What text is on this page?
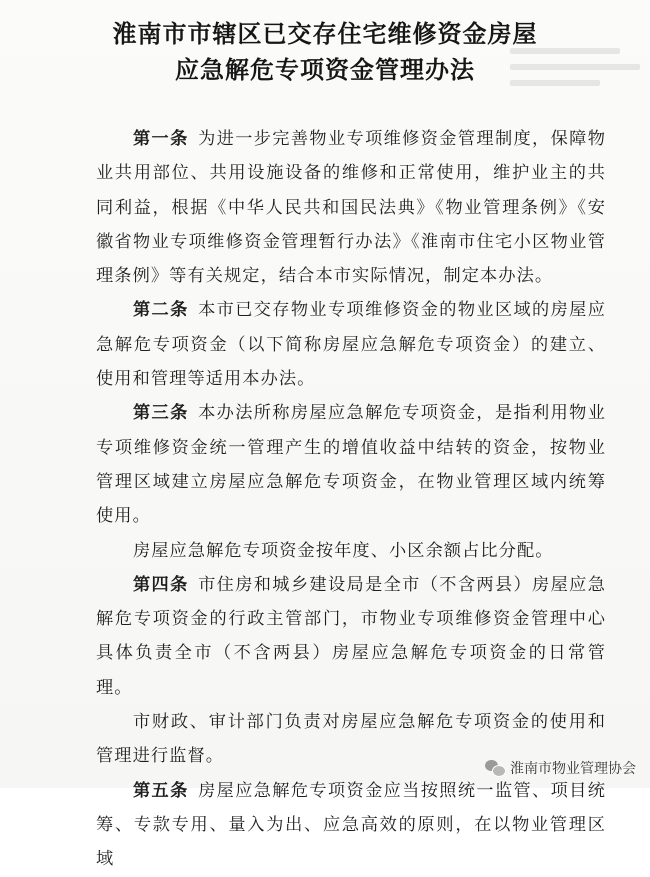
淮南市市辖区已交存住宅维修资金房屋
应急解危专项资金管理办法

第一条 为进一步完善物业专项维修资金管理制度，保障物业共用部位、共用设施设备的维修和正常使用，维护业主的共同利益，根据《中华人民共和国民法典》《物业管理条例》《安徽省物业专项维修资金管理暂行办法》《淮南市住宅小区物业管理条例》等有关规定，结合本市实际情况，制定本办法。

第二条 本市已交存物业专项维修资金的物业区域的房屋应急解危专项资金（以下简称房屋应急解危专项资金）的建立、使用和管理等适用本办法。

第三条 本办法所称房屋应急解危专项资金，是指利用物业专项维修资金统一管理产生的增值收益中结转的资金，按物业管理区域建立房屋应急解危专项资金，在物业管理区域内统筹使用。

房屋应急解危专项资金按年度、小区余额占比分配。

第四条 市住房和城乡建设局是全市（不含两县）房屋应急解危专项资金的行政主管部门，市物业专项维修资金管理中心具体负责全市（不含两县）房屋应急解危专项资金的日常管理。

市财政、审计部门负责对房屋应急解危专项资金的使用和管理进行监督。

第五条 房屋应急解危专项资金应当按照统一监管、项目统筹、专款专用、量入为出、应急高效的原则，在以物业管理区域

淮南市物业管理协会
